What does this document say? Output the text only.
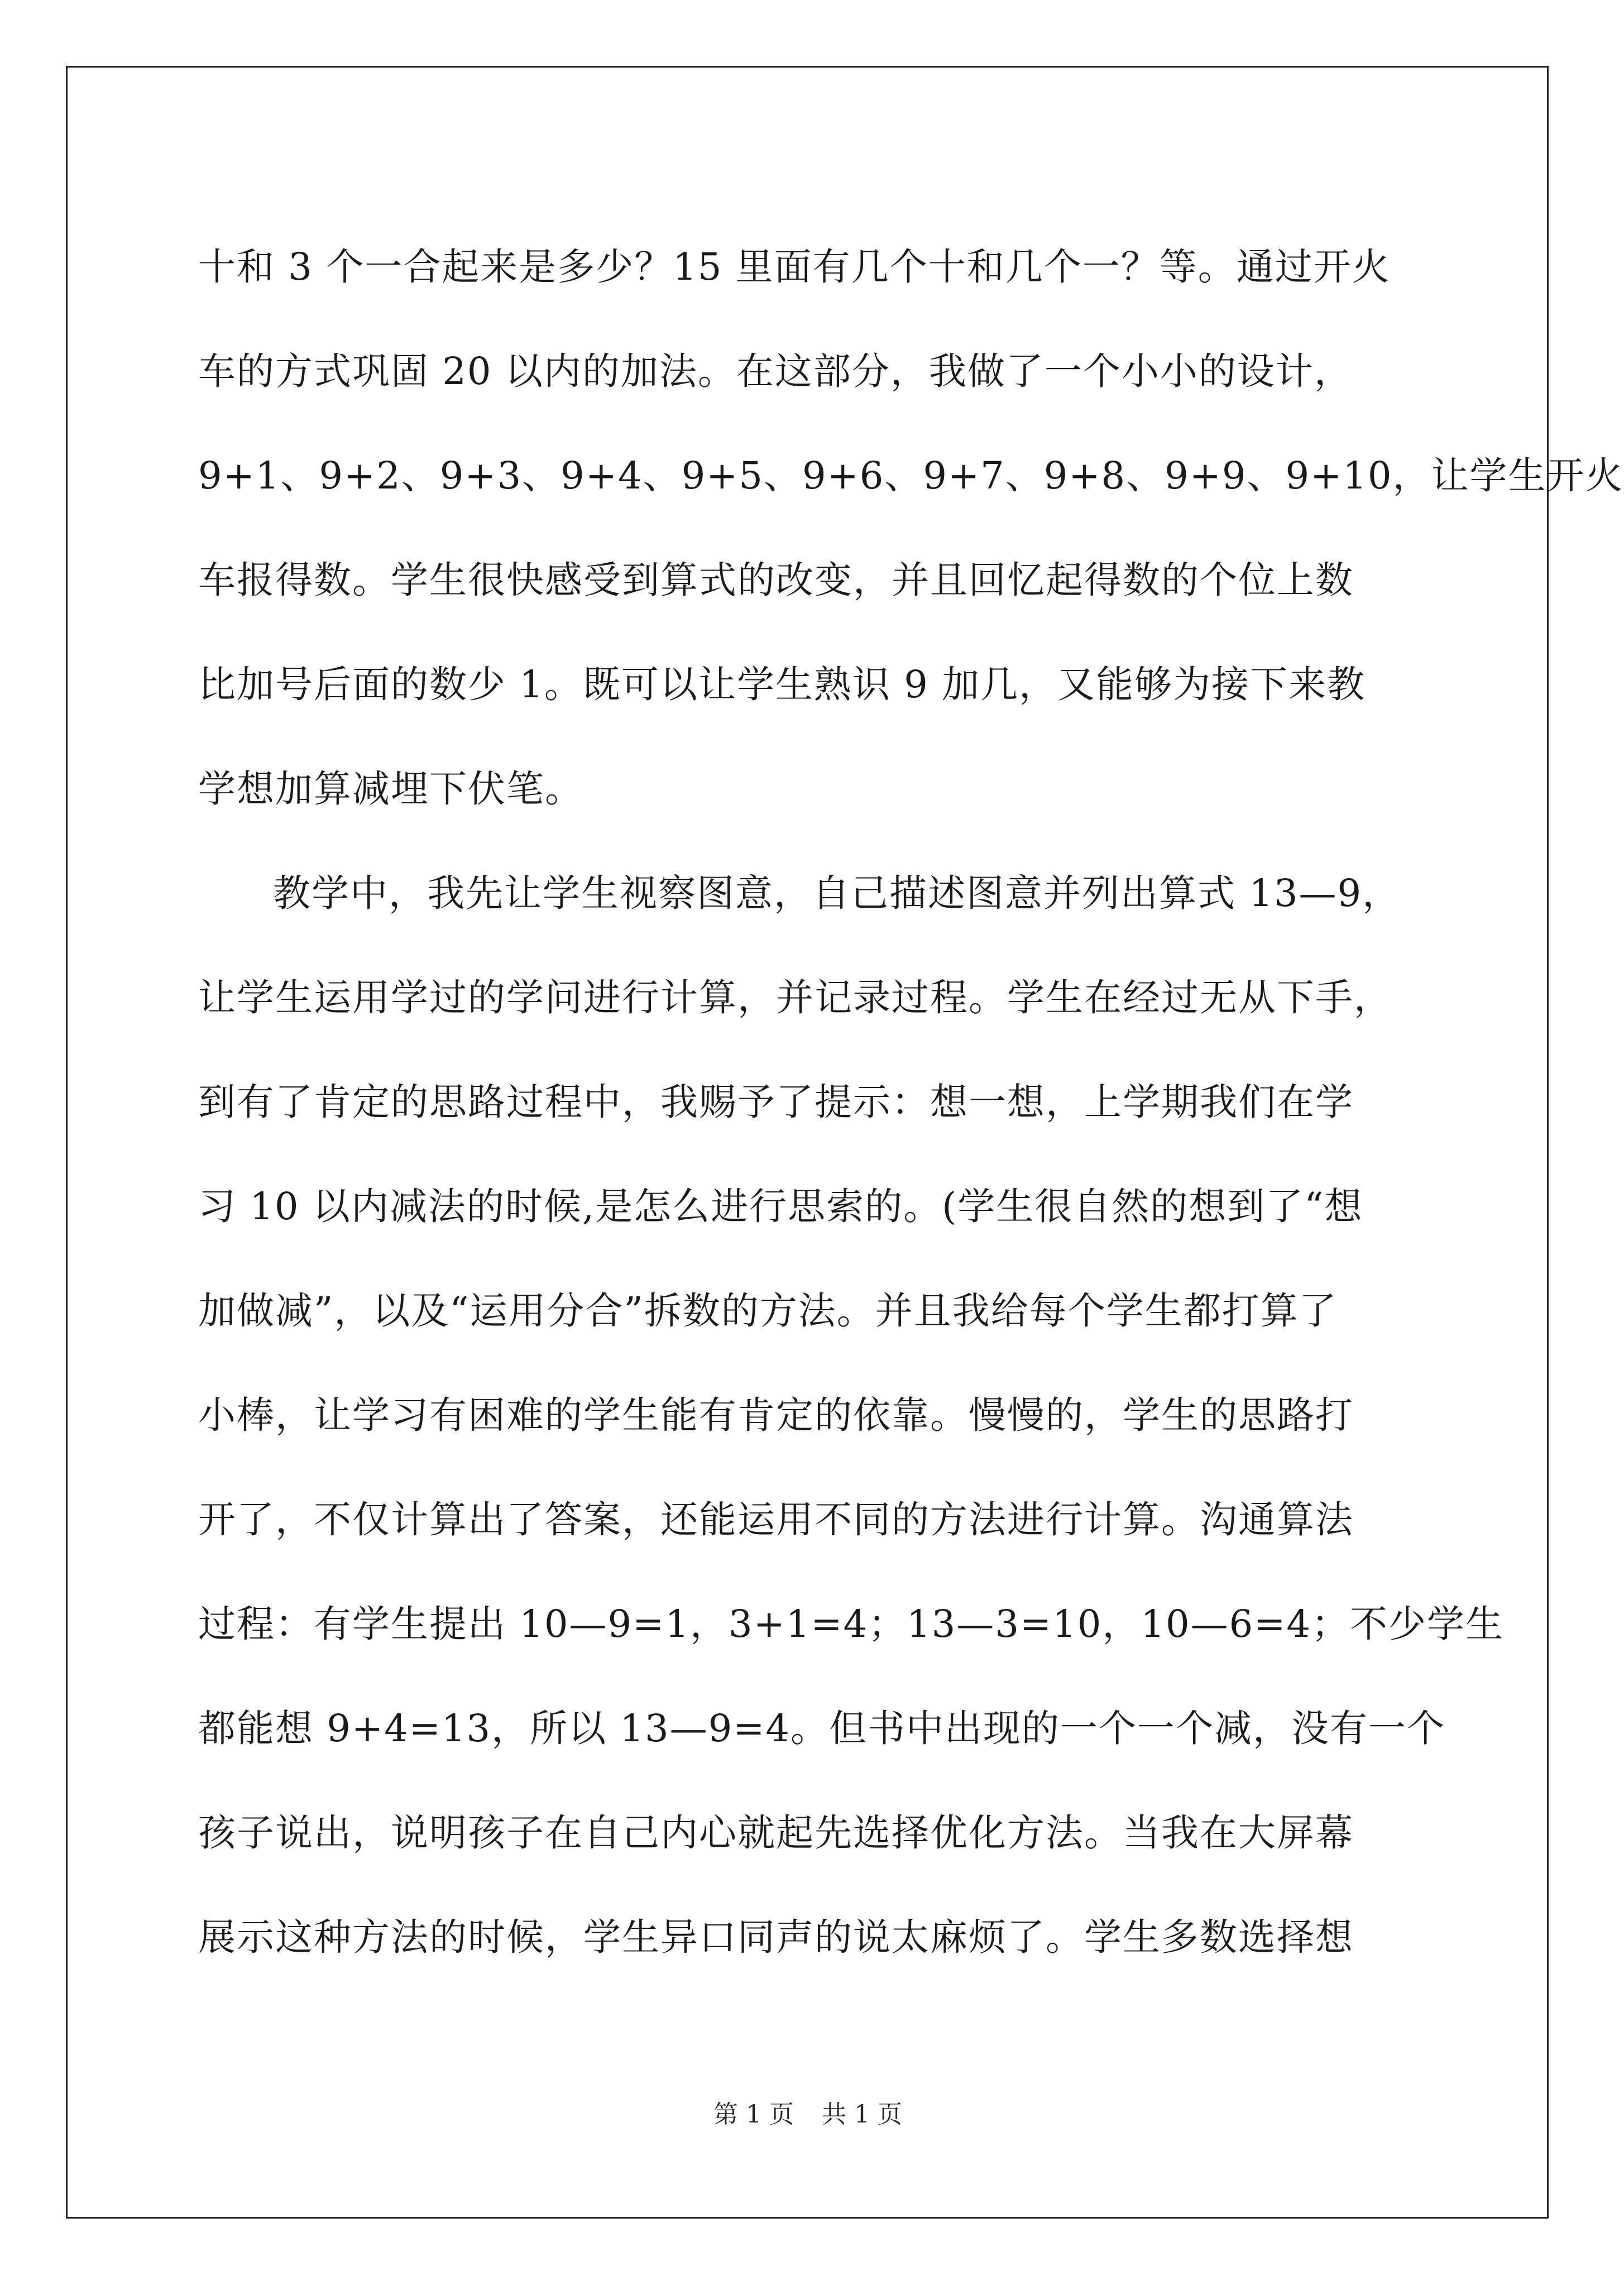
十和 3 个一合起来是多少？15 里面有几个十和几个一？等。通过开火
车的方式巩固 20 以内的加法。在这部分，我做了一个小小的设计，
9+1、9+2、9+3、9+4、9+5、9+6、9+7、9+8、9+9、9+10，让学生开火
车报得数。学生很快感受到算式的改变，并且回忆起得数的个位上数
比加号后面的数少 1。既可以让学生熟识 9 加几，又能够为接下来教
学想加算减埋下伏笔。
教学中，我先让学生视察图意，自己描述图意并列出算式 13—9，
让学生运用学过的学问进行计算，并记录过程。学生在经过无从下手，
到有了肯定的思路过程中，我赐予了提示：想一想，上学期我们在学
习 10 以内减法的时候,是怎么进行思索的。(学生很自然的想到了“想
加做减”，以及“运用分合”拆数的方法。并且我给每个学生都打算了
小棒，让学习有困难的学生能有肯定的依靠。慢慢的，学生的思路打
开了，不仅计算出了答案，还能运用不同的方法进行计算。沟通算法
过程：有学生提出 10—9=1，3+1=4；13—3=10，10—6=4；不少学生
都能想 9+4=13，所以 13—9=4。但书中出现的一个一个减，没有一个
孩子说出，说明孩子在自己内心就起先选择优化方法。当我在大屏幕
展示这种方法的时候，学生异口同声的说太麻烦了。学生多数选择想
第 1 页 共 1 页
